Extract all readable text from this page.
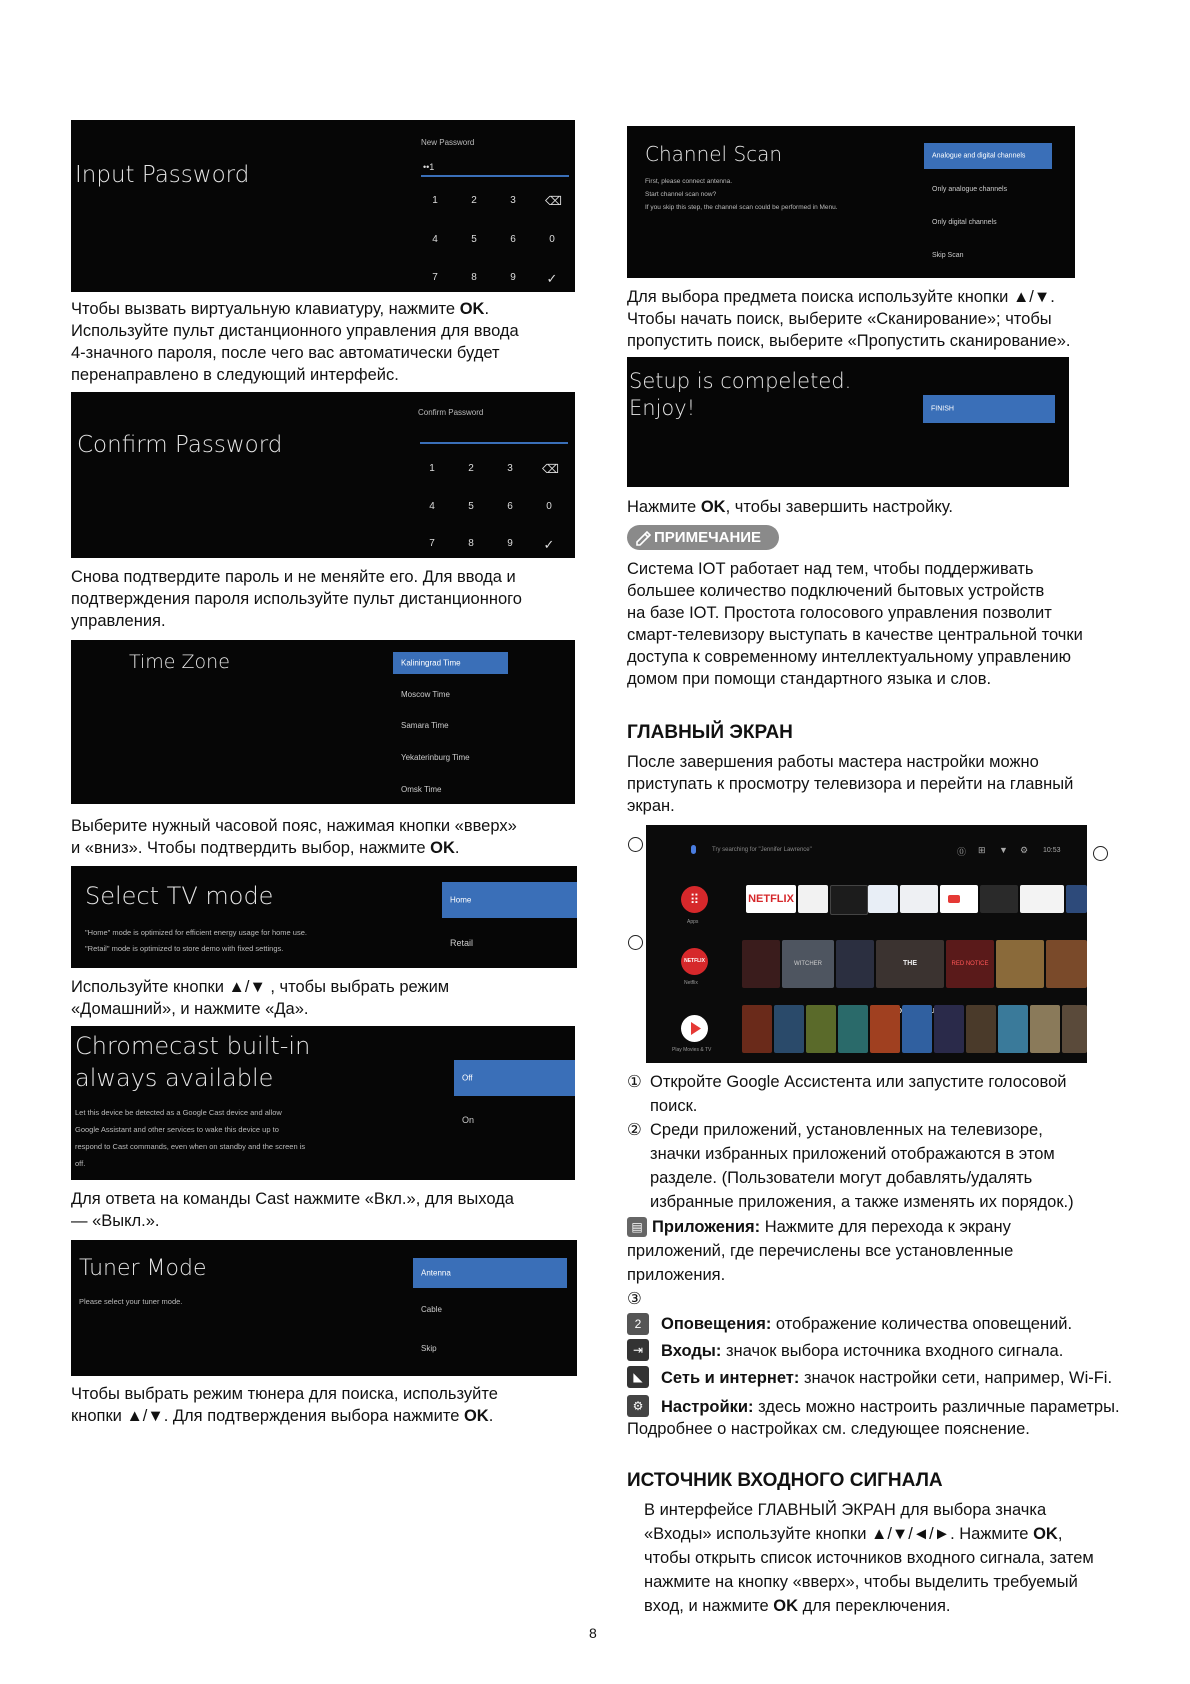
Input Password
New Password
••1
1	2	3	⌫
4	5	6	0
7	8	9	✓
Чтобы вызвать виртуальную клавиатуру, нажмите OK.
Используйте пульт дистанционного управления для ввода
4-значного пароля, после чего вас автоматически будет
перенаправлено в следующий интерфейс.
Confirm Password
Confirm Password
1	2	3	⌫
4	5	6	0
7	8	9	✓
Снова подтвердите пароль и не меняйте его. Для ввода и
подтверждения пароля используйте пульт дистанционного
управления.
Time Zone	Kaliningrad Time
Moscow Time
Samara Time
Yekaterinburg Time
Omsk Time
Выберите нужный часовой пояс, нажимая кнопки «вверх»
и «вниз». Чтобы подтвердить выбор, нажмите OK.
Select TV mode
"Home" mode is optimized for efficient energy usage for home use.
"Retail" mode is optimized to store demo with fixed settings.
Home
Retail
Используйте кнопки ▲/▼ , чтобы выбрать режим
«Домашний», и нажмите «Да».
Chromecast built-in
always available
Let this device be detected as a Google Cast device and allow
Google Assistant and other services to wake this device up to
respond to Cast commands, even when on standby and the screen is
off.
Off
On
Для ответа на команды Cast нажмите «Вкл.», для выхода
— «Выкл.».
Tuner Mode
Please select your tuner mode.
Antenna
Cable
Skip
Чтобы выбрать режим тюнера для поиска, используйте
кнопки ▲/▼. Для подтверждения выбора нажмите OK.
Channel Scan
First, please connect antenna.
Start channel scan now?
If you skip this step, the channel scan could be performed in Menu.
Analogue and digital channels
Only analogue channels
Only digital channels
Skip Scan
Для выбора предмета поиска используйте кнопки ▲/▼.
Чтобы начать поиск, выберите «Сканирование»; чтобы
пропустить поиск, выберите «Пропустить сканирование».
Setup is compeleted.
Enjoy!	FINISH
Нажмите OK, чтобы завершить настройку.
ПРИМЕЧАНИЕ
Система IOT работает над тем, чтобы поддерживать
большее количество подключений бытовых устройств
на базе IOT. Простота голосового управления позволит
смарт-телевизору выступать в качестве центральной точки
доступа к современному интеллектуальному управлению
домом при помощи стандартного языка и слов.
ГЛАВНЫЙ ЭКРАН
После завершения работы мастера настройки можно
приступать к просмотру телевизора и перейти на главный
экран.
Try searching for "Jennifer Lawrence"	⓪ ⊞ ▼ ⚙ 10:53
⠿
Apps
NETFLIX
Netflix
Play Movies & TV
NETFLIX
WITCHER	THE	RED NOTICE
① Откройте Google Ассистента или запустите голосовой
поиск.
② Среди приложений, установленных на телевизоре,
значки избранных приложений отображаются в этом
разделе. (Пользователи могут добавлять/удалять
избранные приложения, а также изменять их порядок.)
▤ Приложения: Нажмите для перехода к экрану
приложений, где перечислены все установленные
приложения.
③
2	Оповещения: отображение количества оповещений.
⇥	Входы: значок выбора источника входного сигнала.
◣	Сеть и интернет: значок настройки сети, например, Wi-Fi.
⚙	Настройки: здесь можно настроить различные параметры.
Подробнее о настройках см. следующее пояснение.
ИСТОЧНИК ВХОДНОГО СИГНАЛА
В интерфейсе ГЛАВНЫЙ ЭКРАН для выбора значка
«Входы» используйте кнопки ▲/▼/◄/►. Нажмите OK,
чтобы открыть список источников входного сигнала, затем
нажмите на кнопку «вверх», чтобы выделить требуемый
вход, и нажмите OK для переключения.
8
